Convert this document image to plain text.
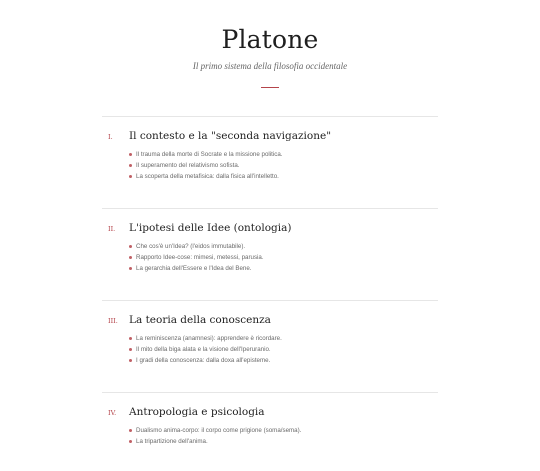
Platone
Il primo sistema della filosofia occidentale
I.	Il contesto e la "seconda navigazione"
Il trauma della morte di Socrate e la missione politica.
Il superamento del relativismo sofista.
La scoperta della metafisica: dalla fisica all'intelletto.
II.	L'ipotesi delle Idee (ontologia)
Che cos'è un'Idea? (l'eidos immutabile).
Rapporto Idee-cose: mimesi, metessi, parusia.
La gerarchia dell'Essere e l'Idea del Bene.
III.	La teoria della conoscenza
La reminiscenza (anamnesi): apprendere è ricordare.
Il mito della biga alata e la visione dell'Iperuranio.
I gradi della conoscenza: dalla doxa all'episteme.
IV.	Antropologia e psicologia
Dualismo anima-corpo: il corpo come prigione (soma/sema).
La tripartizione dell'anima.
